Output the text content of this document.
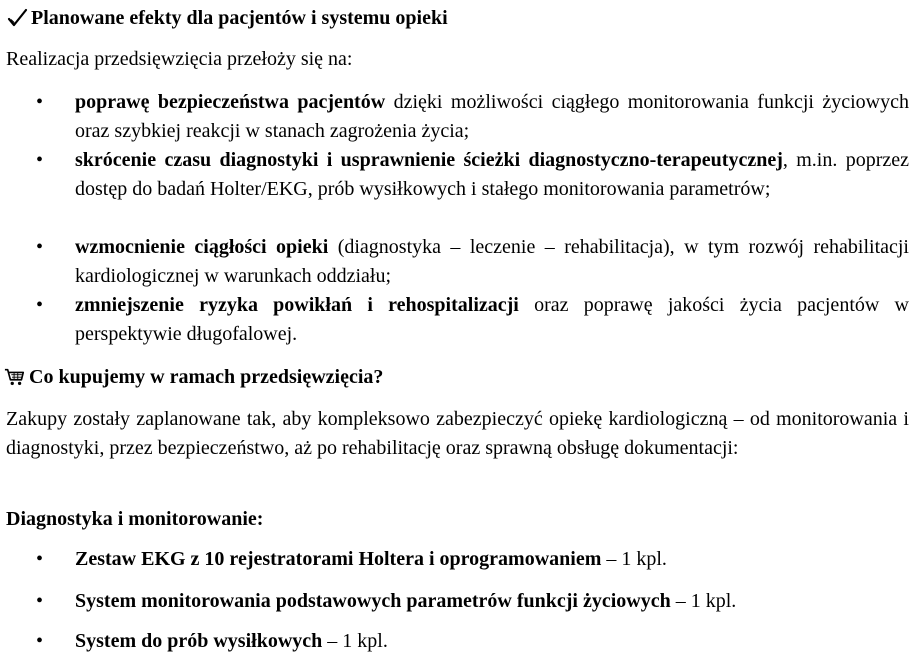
Planowane efekty dla pacjentów i systemu opieki
Realizacja przedsięwzięcia przełoży się na:
• poprawę bezpieczeństwa pacjentów dzięki możliwości ciągłego monitorowania funkcji życiowych oraz szybkiej reakcji w stanach zagrożenia życia;
• skrócenie czasu diagnostyki i usprawnienie ścieżki diagnostyczno-terapeutycznej, m.in. poprzez dostęp do badań Holter/EKG, prób wysiłkowych i stałego monitorowania parametrów;
• wzmocnienie ciągłości opieki (diagnostyka – leczenie – rehabilitacja), w tym rozwój rehabilitacji kardiologicznej w warunkach oddziału;
• zmniejszenie ryzyka powikłań i rehospitalizacji oraz poprawę jakości życia pacjentów w perspektywie długofalowej.
Co kupujemy w ramach przedsięwzięcia?
Zakupy zostały zaplanowane tak, aby kompleksowo zabezpieczyć opiekę kardiologiczną – od monitorowania i diagnostyki, przez bezpieczeństwo, aż po rehabilitację oraz sprawną obsługę dokumentacji:
Diagnostyka i monitorowanie:
• Zestaw EKG z 10 rejestratorami Holtera i oprogramowaniem – 1 kpl.
• System monitorowania podstawowych parametrów funkcji życiowych – 1 kpl.
• System do prób wysiłkowych – 1 kpl.
